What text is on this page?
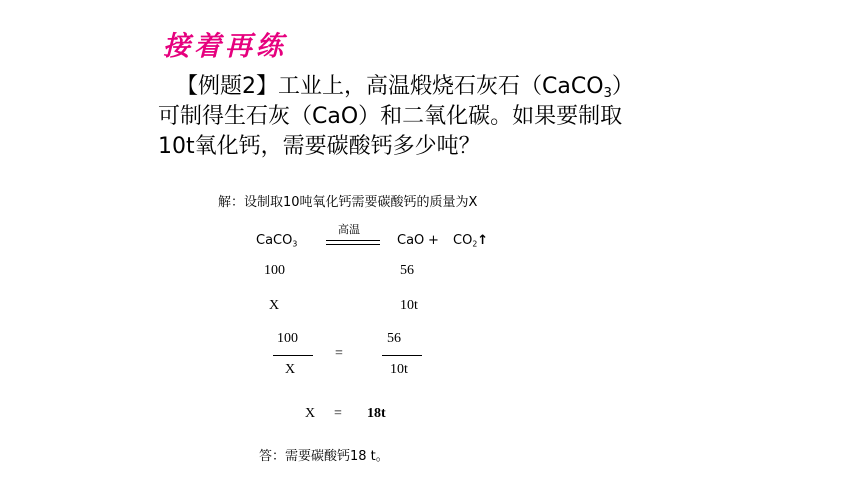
接着再练
【例题2】工业上，高温煅烧石灰石（CaCO$_3$）
可制得生石灰（CaO）和二氧化碳。如果要制取
10t氧化钙，需要碳酸钙多少吨？
解：设制取10吨氧化钙需要碳酸钙的质量为X
高温
CaCO$_3$	CaO + $CO_2↑$
100	56
X	10t
100
X
=
56
10t
X = 18t
答：需要碳酸钙18 t。
